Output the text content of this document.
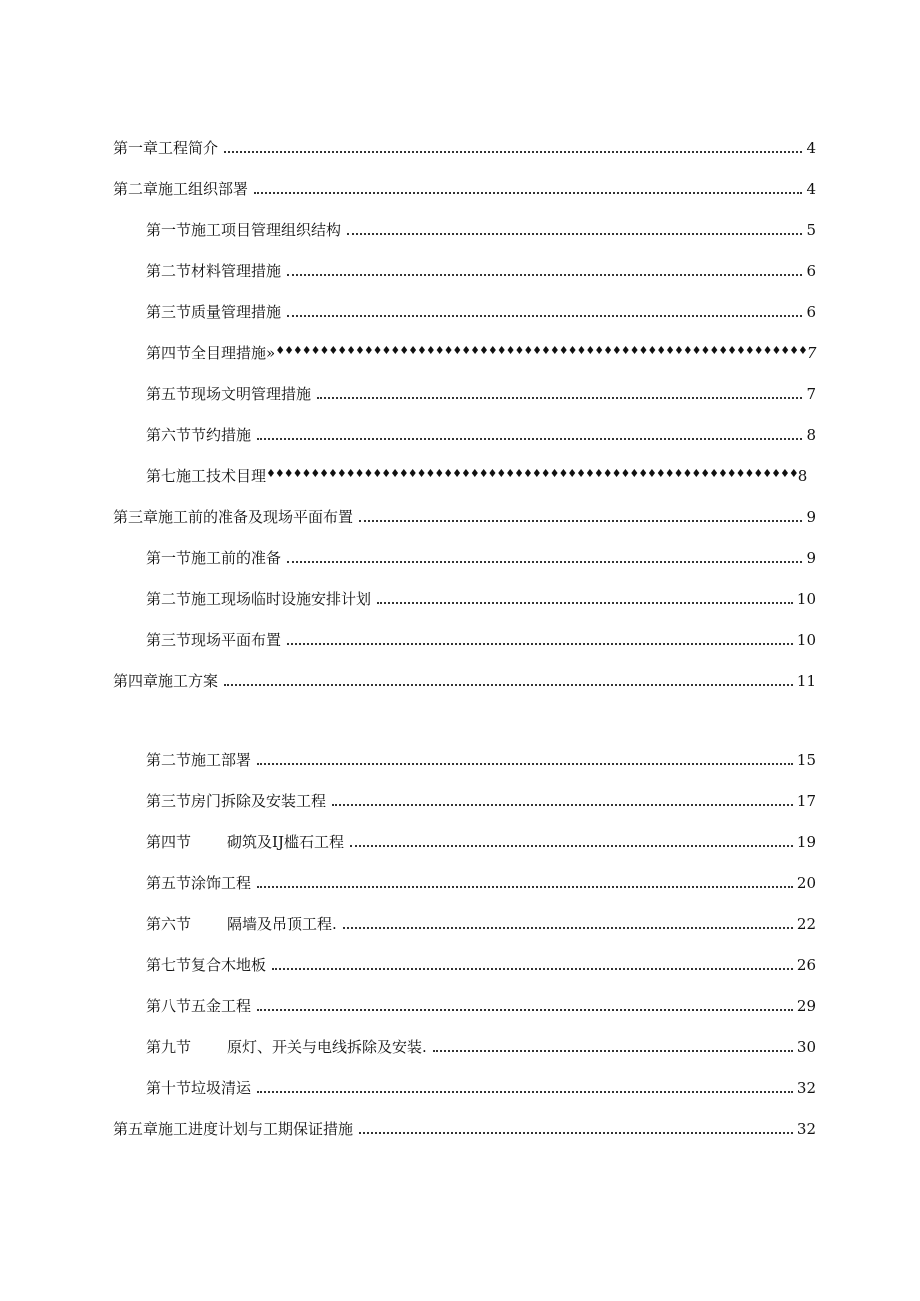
第一章工程简介	4
第二章施工组织部署	4
第一节施工项目管理组织结构	5
第二节材料管理措施	6
第三节质量管理措施	6
第四节 全目理措施» ♦♦♦♦♦♦♦♦♦♦♦♦♦♦♦♦♦♦♦♦♦♦♦♦♦♦♦♦♦♦♦♦♦♦♦♦♦♦♦♦♦♦♦♦♦♦♦♦♦♦♦♦♦♦♦♦♦♦♦♦ 7
第五节现场文明管理措施	7
第六节节约措施	8
第七施工技术目理 ♦♦♦♦♦♦♦♦♦♦♦♦♦♦♦♦♦♦♦♦♦♦♦♦♦♦♦♦♦♦♦♦♦♦♦♦♦♦♦♦♦♦♦♦♦♦♦♦♦♦♦♦♦♦♦♦♦♦♦♦ 8
第三章施工前的准备及现场平面布置	9
第一节施工前的准备	9
第二节施工现场临时设施安排计划	10
第三节现场平面布置	10
第四章施工方案	11
第二节施工部署	15
第三节房门拆除及安装工程	17
第四节 砌筑及IJ槛石工程	19
第五节涂饰工程	20
第六节 隔墙及吊顶工程.	22
第七节复合木地板	26
第八节五金工程	29
第九节 原灯、开关与电线拆除及安装.	30
第十节垃圾清运	32
第五章施工进度计划与工期保证措施	32
